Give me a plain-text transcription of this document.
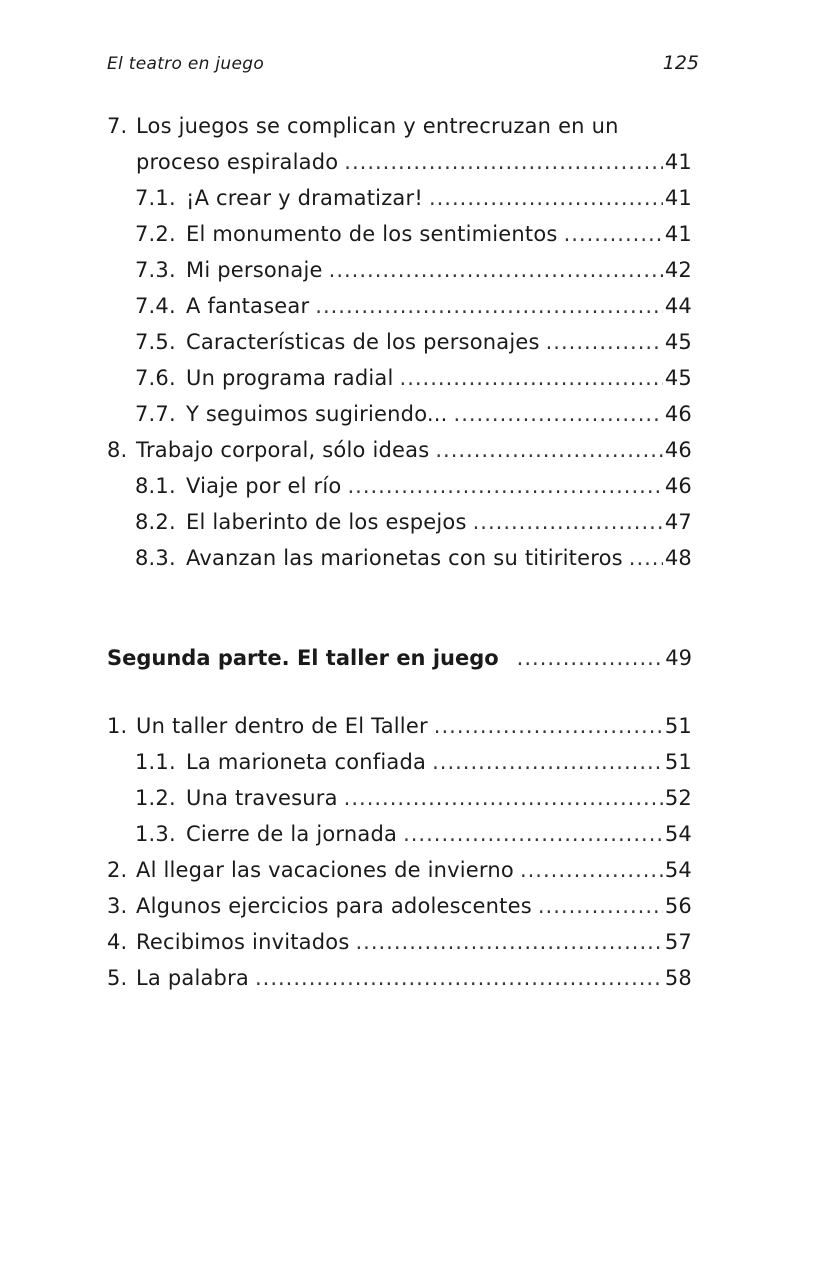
El teatro en juego	125
7. Los juegos se complican y entrecruzan en un
proceso espiralado .....	41
7.1. ¡A crear y dramatizar! .....	41
7.2. El monumento de los sentimientos .....	41
7.3. Mi personaje .....	42
7.4. A fantasear .....	44
7.5. Características de los personajes .....	45
7.6. Un programa radial .....	45
7.7. Y seguimos sugiriendo... .....	46
8. Trabajo corporal, sólo ideas .....	46
8.1. Viaje por el río .....	46
8.2. El laberinto de los espejos .....	47
8.3. Avanzan las marionetas con su titiriteros ..... 48
Segunda parte. El taller en juego .....	49
1. Un taller dentro de El Taller .....	51
1.1. La marioneta confiada .....	51
1.2. Una travesura .....	52
1.3. Cierre de la jornada .....	54
2. Al llegar las vacaciones de invierno .....	54
3. Algunos ejercicios para adolescentes .....	56
4. Recibimos invitados .....	57
5. La palabra .....	58
